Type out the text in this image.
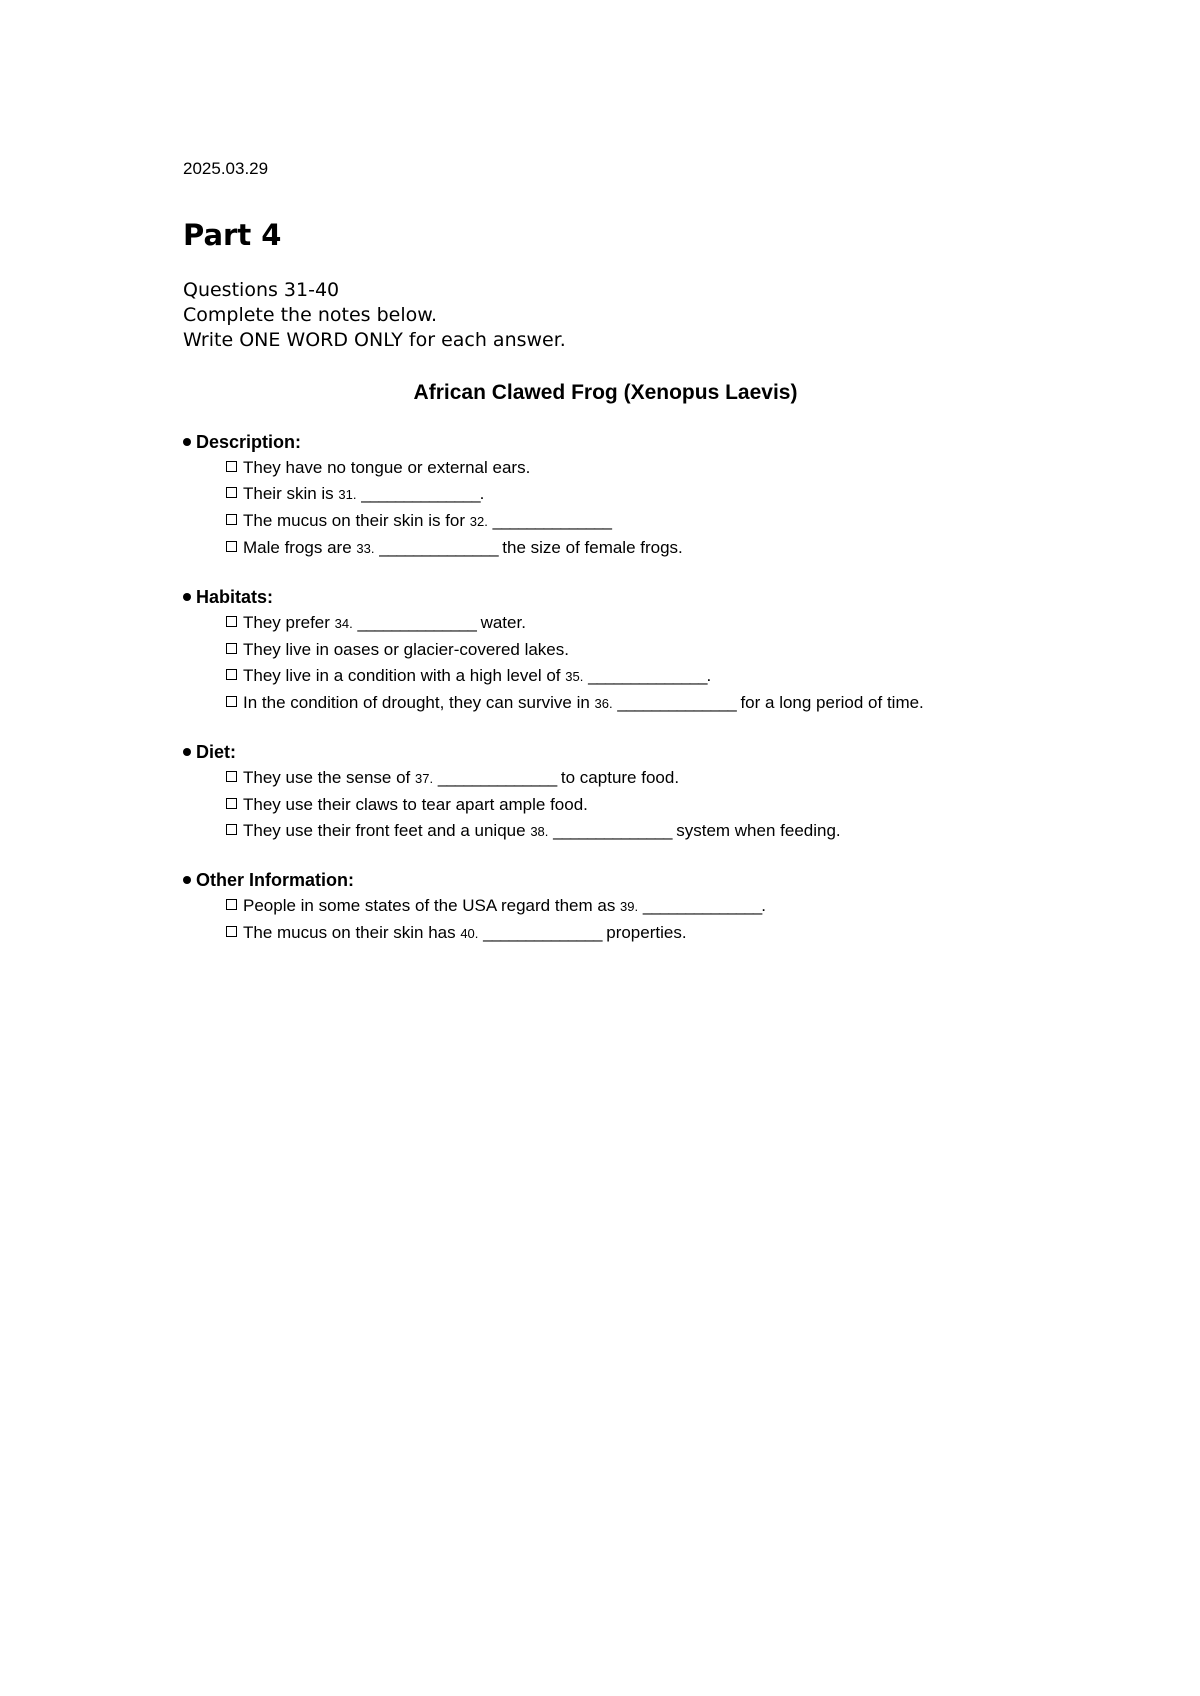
2025.03.29

Part 4
Questions 31-40
Complete the notes below.
Write ONE WORD ONLY for each answer.
African Clawed Frog (Xenopus Laevis)
Description:
They have no tongue or external ears.
Their skin is 31. ______________.
The mucus on their skin is for 32. ______________
Male frogs are 33. ______________ the size of female frogs.
Habitats:
They prefer 34. ______________ water.
They live in oases or glacier-covered lakes.
They live in a condition with a high level of 35. ______________.
In the condition of drought, they can survive in 36. ______________ for a long period of time.
Diet:
They use the sense of 37. ______________ to capture food.
They use their claws to tear apart ample food.
They use their front feet and a unique 38. ______________ system when feeding.
Other Information:
People in some states of the USA regard them as 39. ______________.
The mucus on their skin has 40. ______________ properties.
